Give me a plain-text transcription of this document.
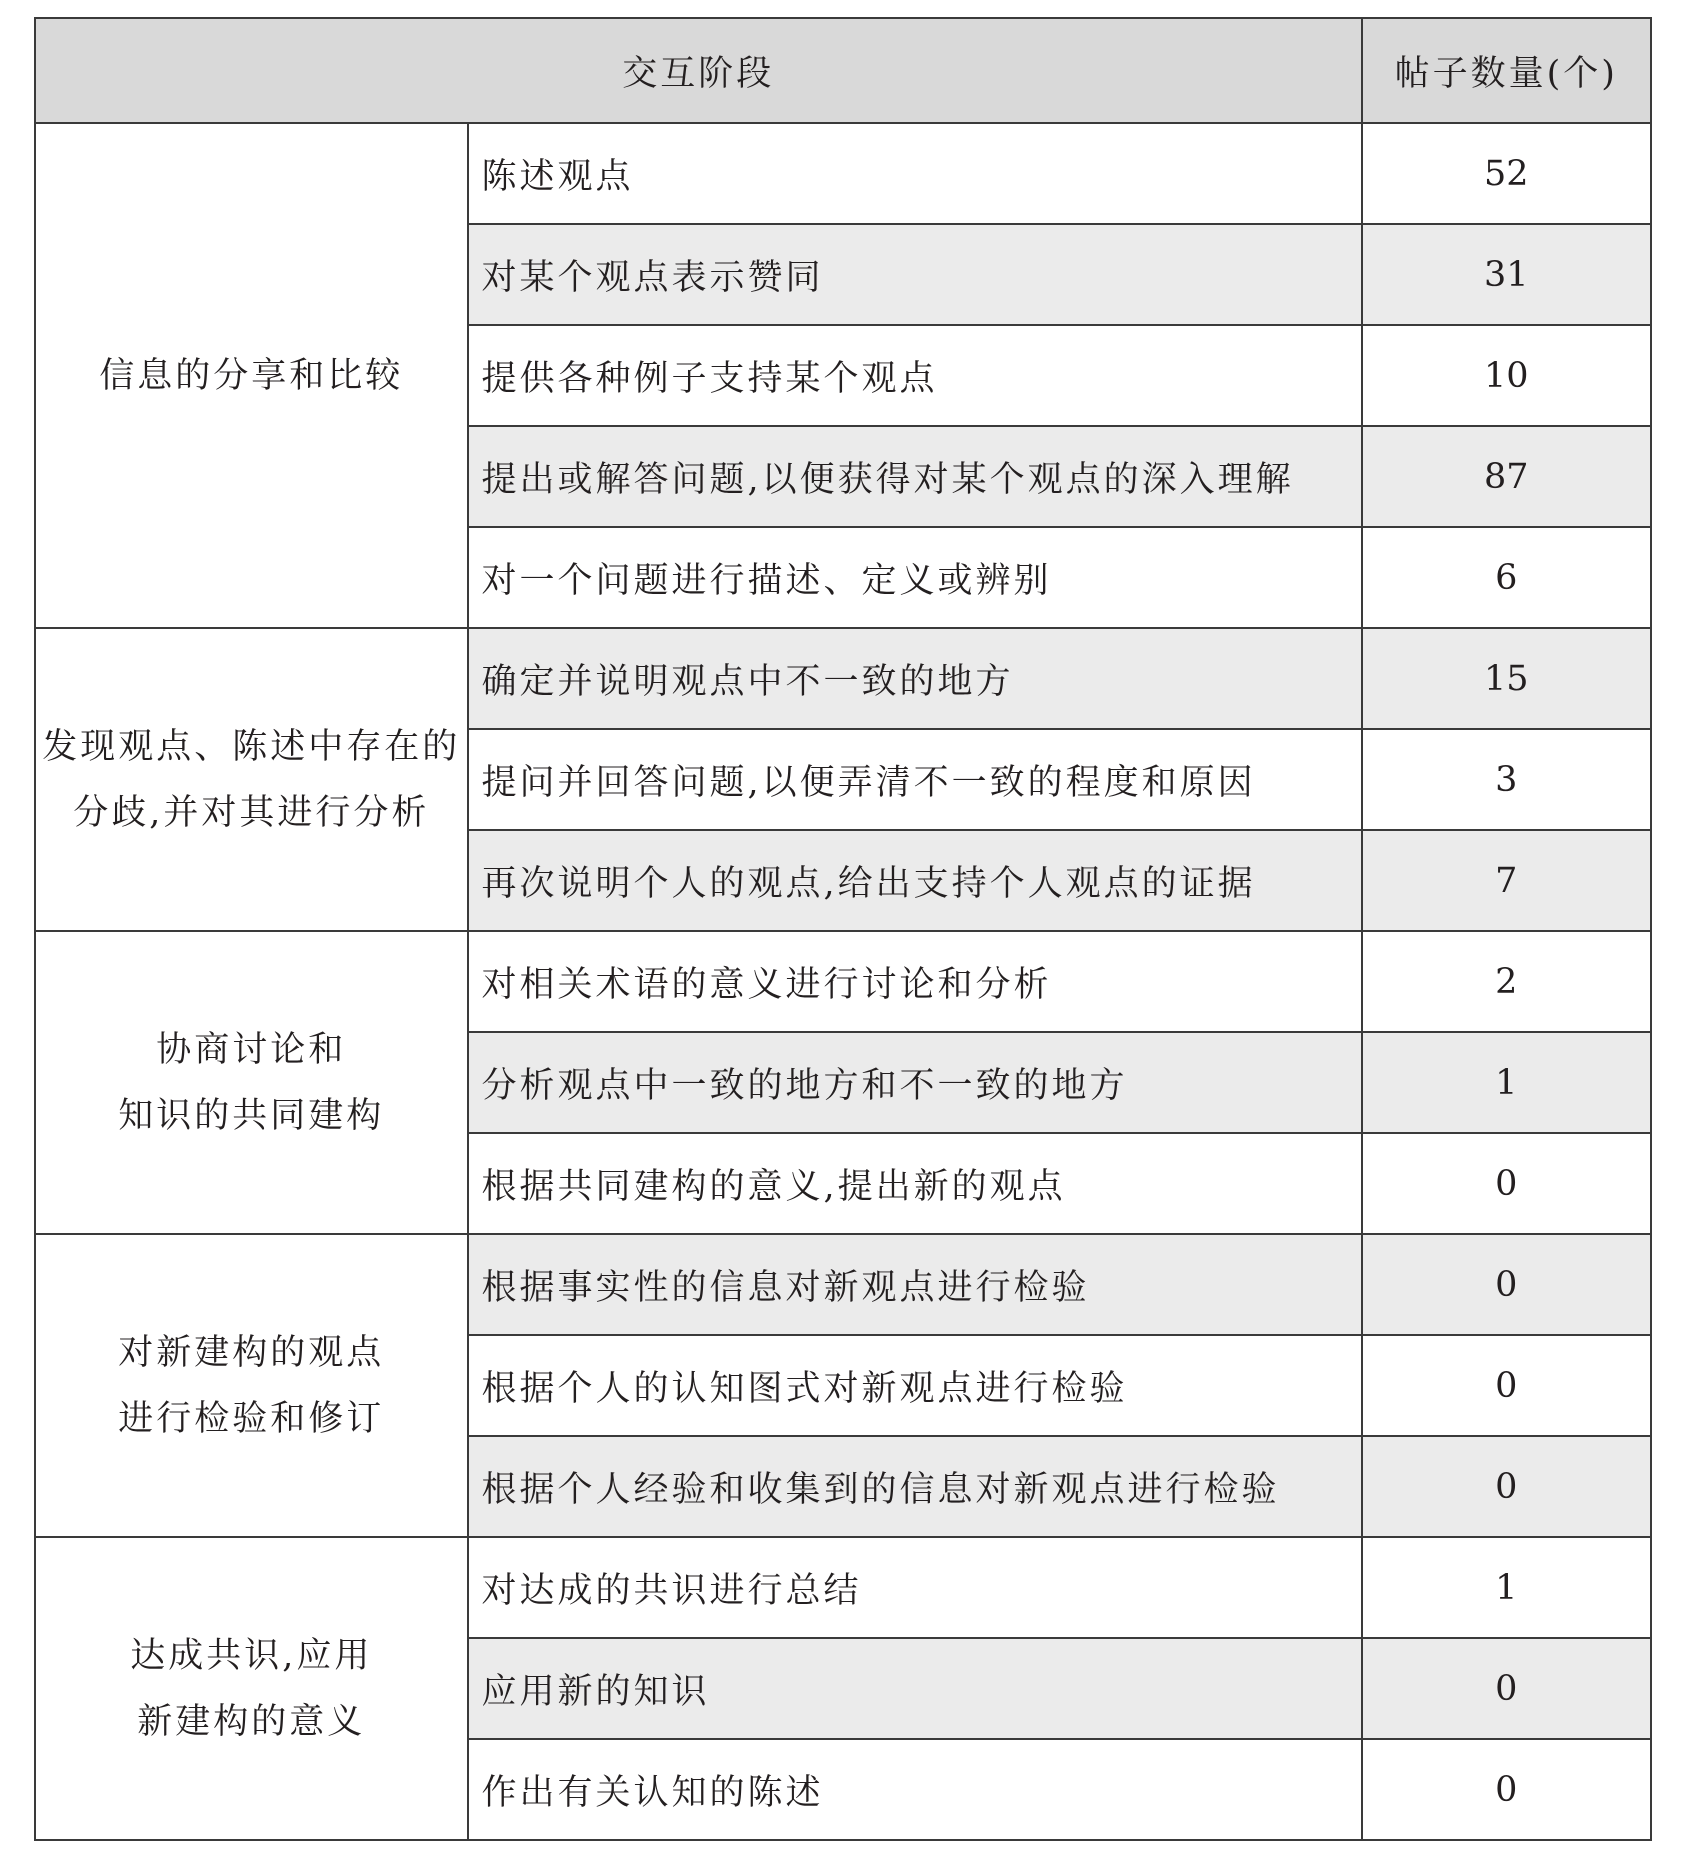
交互阶段		帖子数量(个)

信息的分享和比较	陈述观点	52
	对某个观点表示赞同	31
	提供各种例子支持某个观点	10
	提出或解答问题,以便获得对某个观点的深入理解	87
	对一个问题进行描述、定义或辨别	6

发现观点、陈述中存在的
分歧,并对其进行分析	确定并说明观点中不一致的地方	15
	提问并回答问题,以便弄清不一致的程度和原因	3
	再次说明个人的观点,给出支持个人观点的证据	7

协商讨论和
知识的共同建构	对相关术语的意义进行讨论和分析	2
	分析观点中一致的地方和不一致的地方	1
	根据共同建构的意义,提出新的观点	0

对新建构的观点
进行检验和修订	根据事实性的信息对新观点进行检验	0
	根据个人的认知图式对新观点进行检验	0
	根据个人经验和收集到的信息对新观点进行检验	0

达成共识,应用
新建构的意义	对达成的共识进行总结	1
	应用新的知识	0
	作出有关认知的陈述	0
